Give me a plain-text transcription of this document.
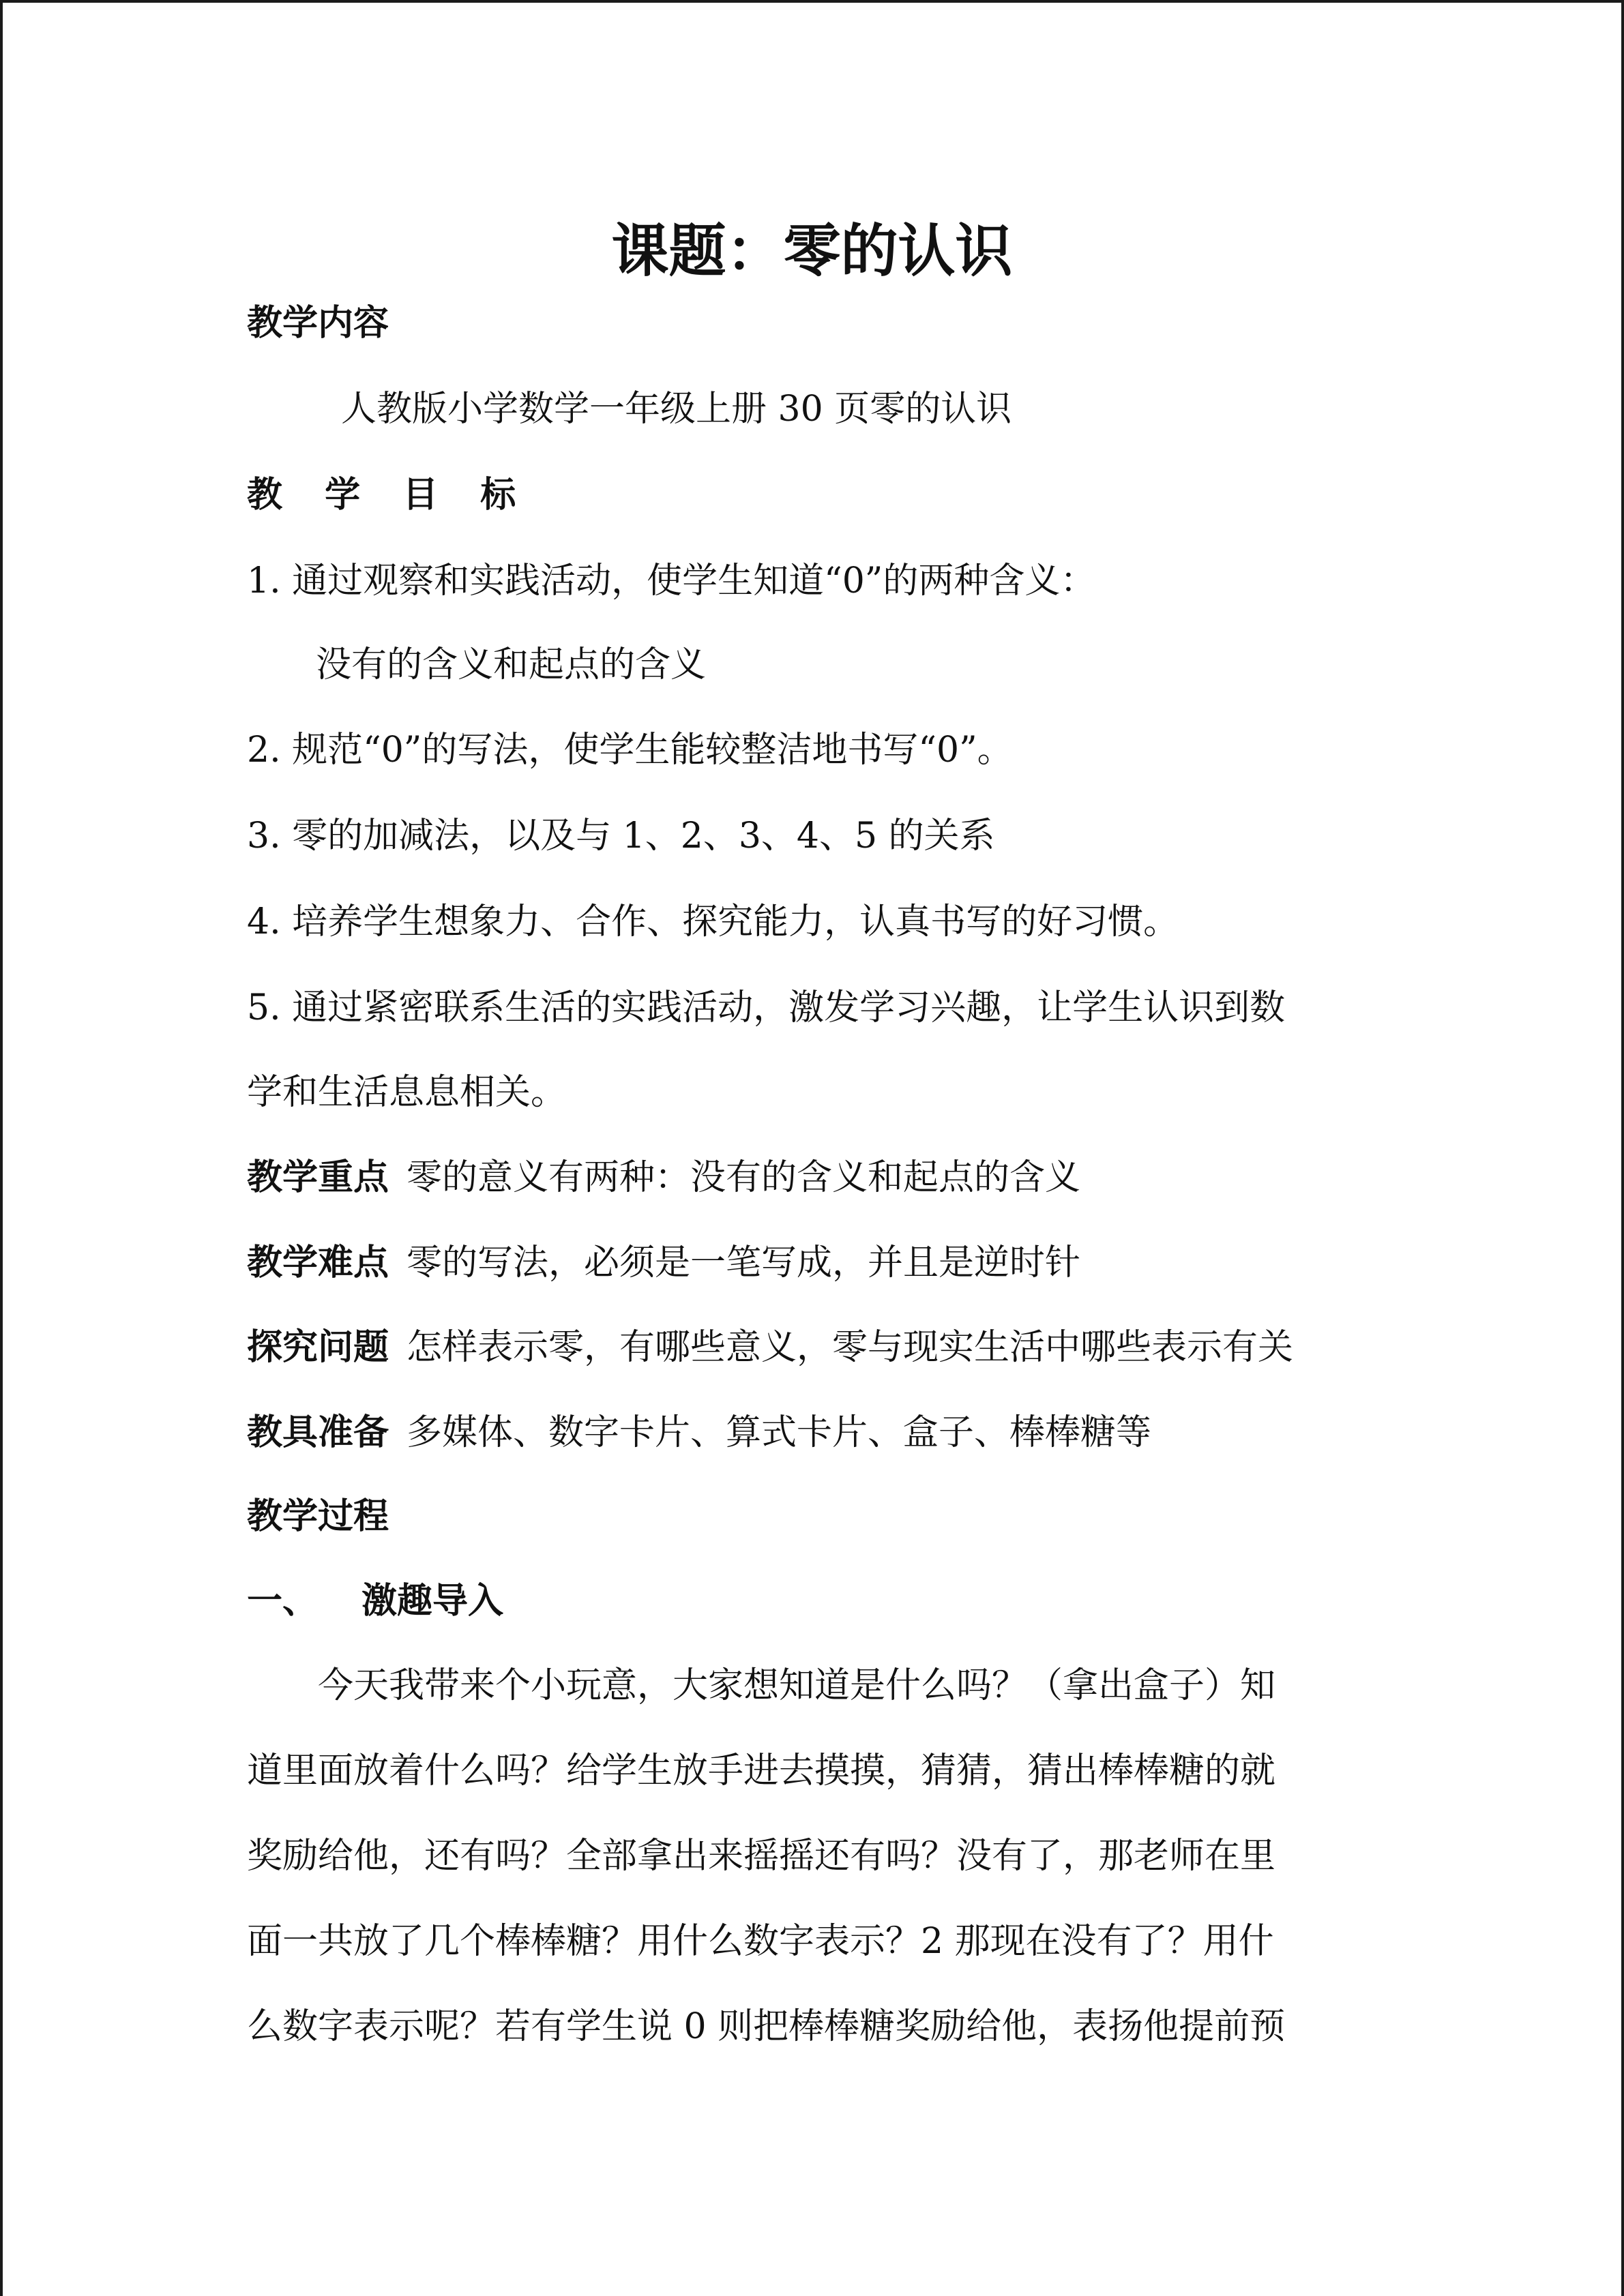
课题：零的认识
教学内容
人教版小学数学一年级上册 30 页零的认识
教 学 目 标
1. 通过观察和实践活动，使学生知道“0”的两种含义：
没有的含义和起点的含义
2. 规范“0”的写法，使学生能较整洁地书写“0”。
3. 零的加减法，以及与 1、2、3、4、5 的关系
4. 培养学生想象力、合作、探究能力，认真书写的好习惯。
5. 通过紧密联系生活的实践活动，激发学习兴趣，让学生认识到数
学和生活息息相关。
教学重点 零的意义有两种：没有的含义和起点的含义
教学难点 零的写法，必须是一笔写成，并且是逆时针
探究问题 怎样表示零，有哪些意义，零与现实生活中哪些表示有关
教具准备 多媒体、数字卡片、算式卡片、盒子、棒棒糖等
教学过程
一、 激趣导入
今天我带来个小玩意，大家想知道是什么吗？（拿出盒子）知
道里面放着什么吗？给学生放手进去摸摸，猜猜，猜出棒棒糖的就
奖励给他，还有吗？全部拿出来摇摇还有吗？没有了，那老师在里
面一共放了几个棒棒糖？用什么数字表示？2 那现在没有了？用什
么数字表示呢？若有学生说 0 则把棒棒糖奖励给他，表扬他提前预
